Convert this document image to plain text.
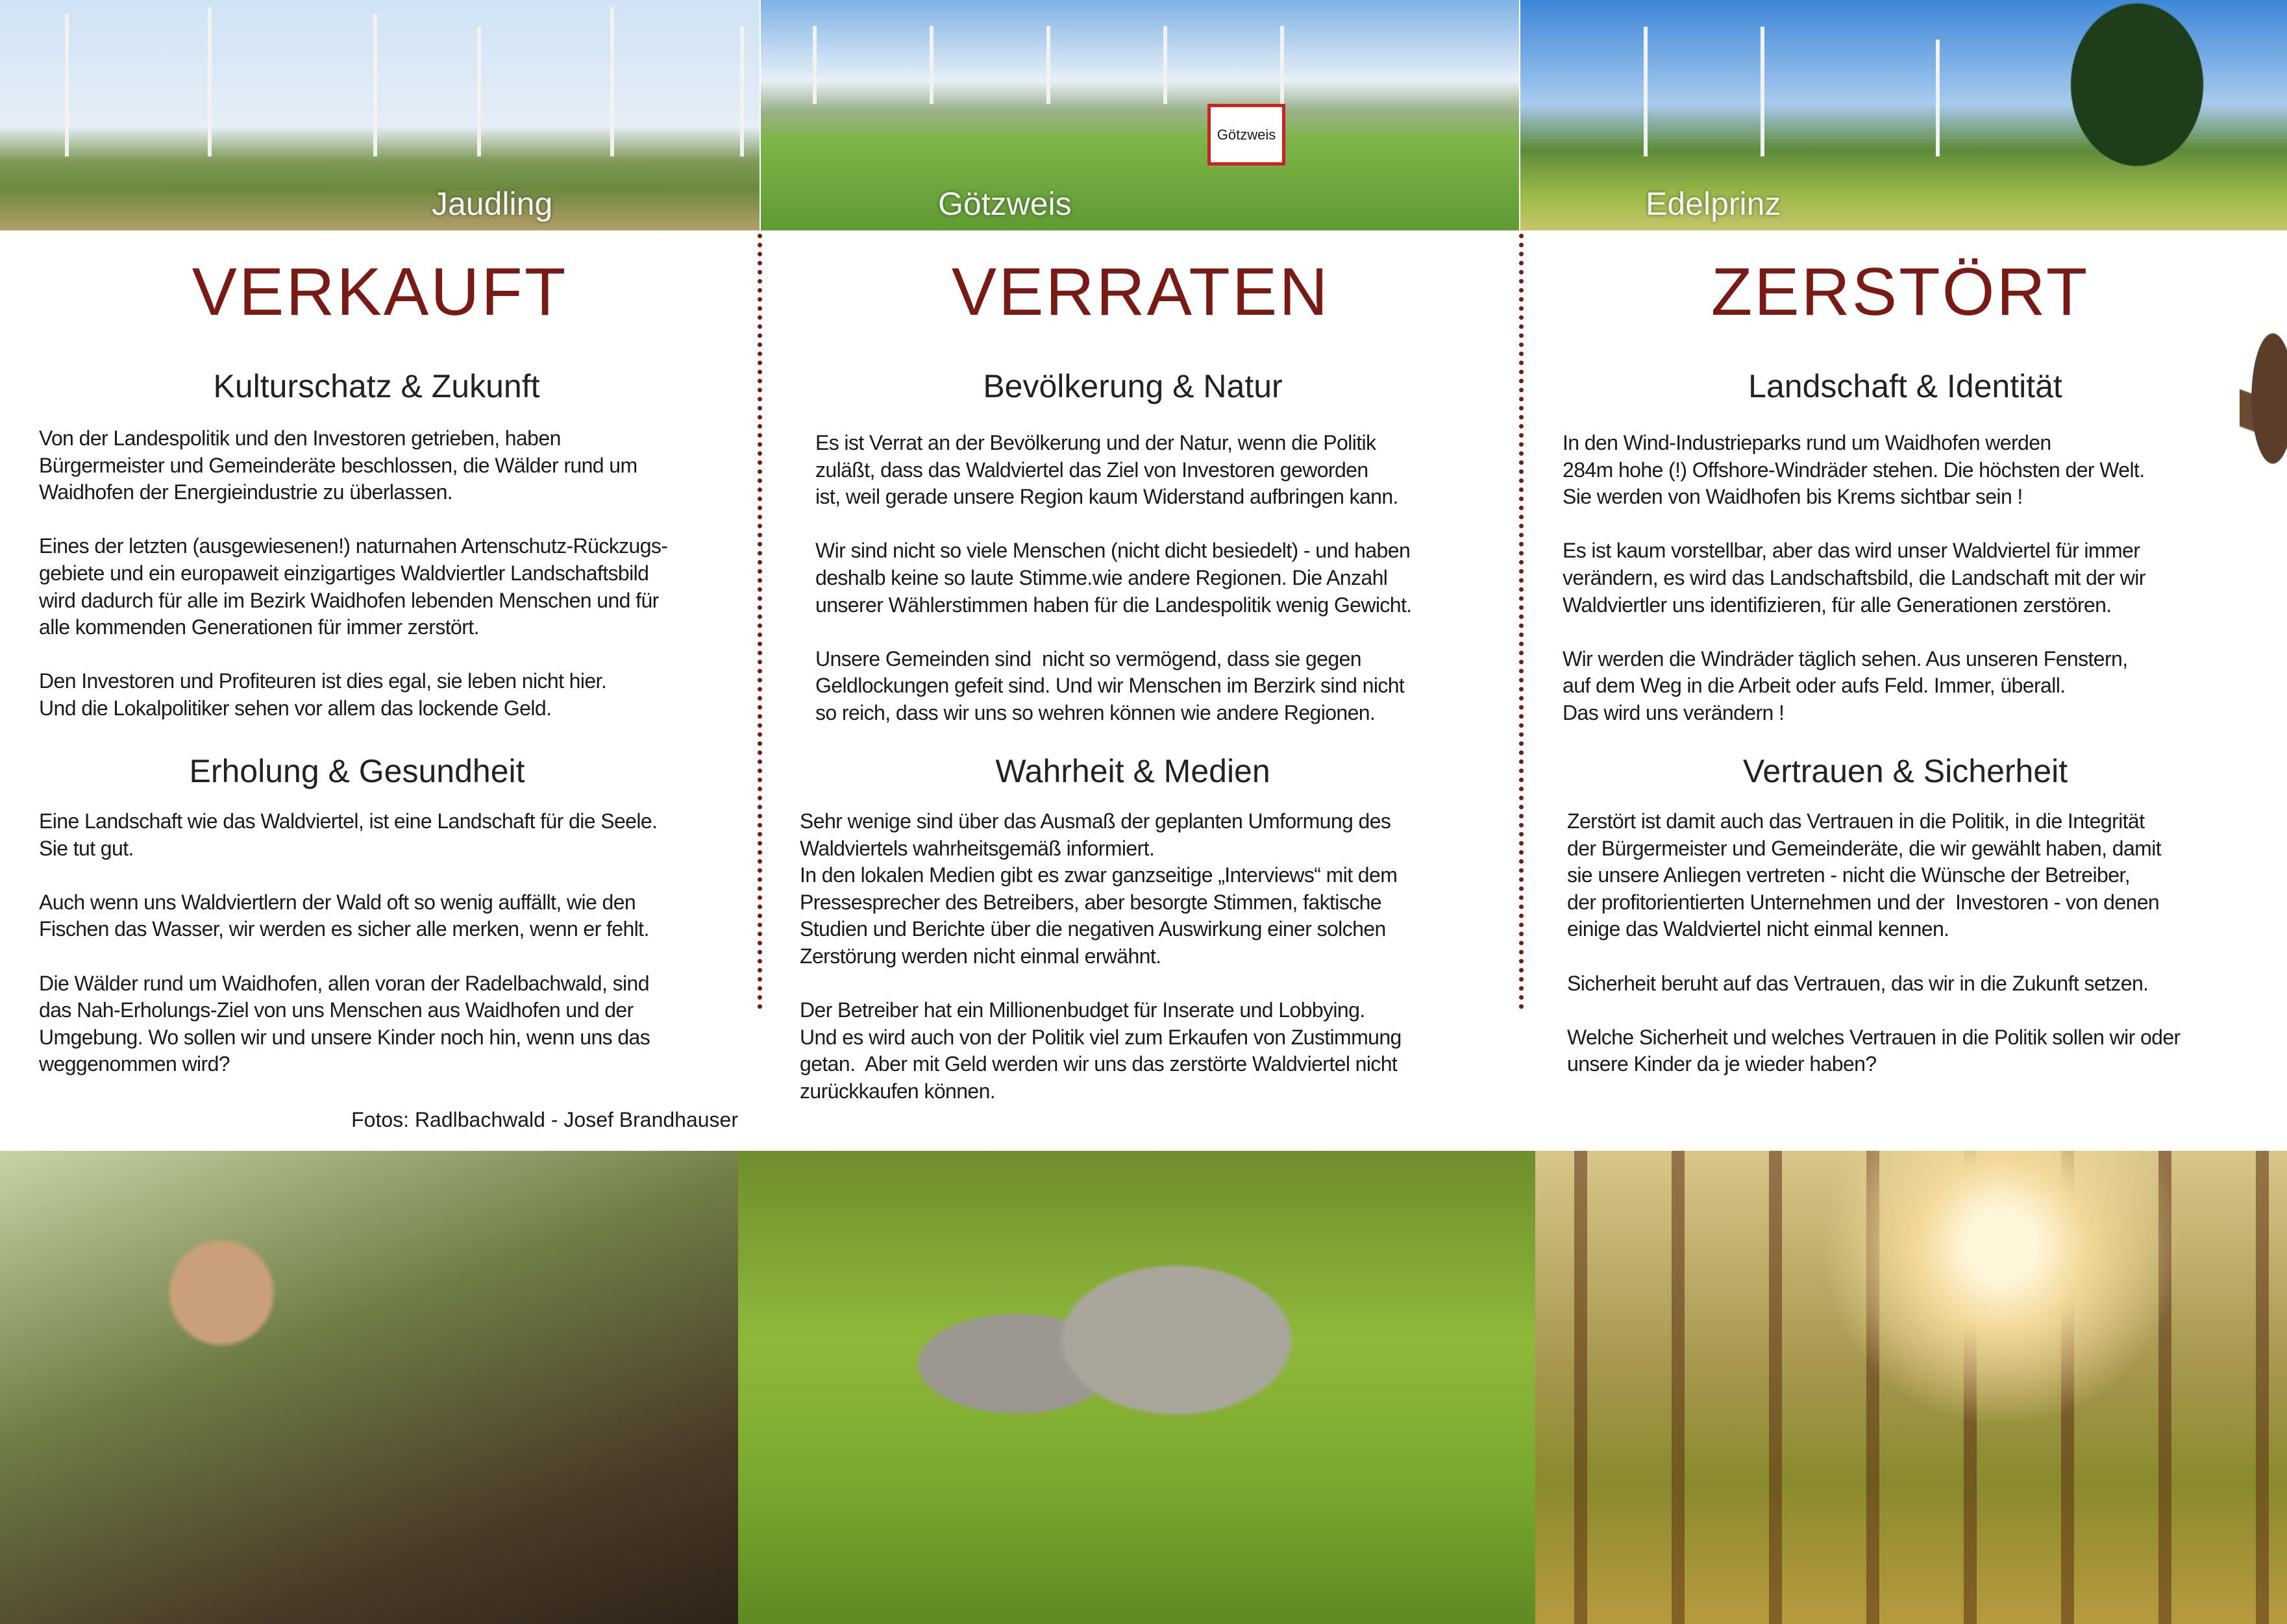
Jaudling
Götzweis
Götzweis	Edelprinz
VERKAUFT
Kulturschatz & Zukunft

Von der Landespolitik und den Investoren getrieben, haben
Bürgermeister und Gemeinderäte beschlossen, die Wälder rund um
Waidhofen der Energieindustrie zu überlassen.

Eines der letzten (ausgewiesenen!) naturnahen Artenschutz-Rückzugs-
gebiete und ein europaweit einzigartiges Waldviertler Landschaftsbild
wird dadurch für alle im Bezirk Waidhofen lebenden Menschen und für
alle kommenden Generationen für immer zerstört.

Den Investoren und Profiteuren ist dies egal, sie leben nicht hier.
Und die Lokalpolitiker sehen vor allem das lockende Geld.

Erholung & Gesundheit

Eine Landschaft wie das Waldviertel, ist eine Landschaft für die Seele.
Sie tut gut.

Auch wenn uns Waldviertlern der Wald oft so wenig auffällt, wie den
Fischen das Wasser, wir werden es sicher alle merken, wenn er fehlt.

Die Wälder rund um Waidhofen, allen voran der Radelbachwald, sind
das Nah-Erholungs-Ziel von uns Menschen aus Waidhofen und der
Umgebung. Wo sollen wir und unsere Kinder noch hin, wenn uns das
weggenommen wird?

Fotos: Radlbachwald - Josef Brandhauser
VERRATEN
Bevölkerung & Natur

Es ist Verrat an der Bevölkerung und der Natur, wenn die Politik
zuläßt, dass das Waldviertel das Ziel von Investoren geworden
ist, weil gerade unsere Region kaum Widerstand aufbringen kann.

Wir sind nicht so viele Menschen (nicht dicht besiedelt) - und haben
deshalb keine so laute Stimme.wie andere Regionen. Die Anzahl
unserer Wählerstimmen haben für die Landespolitik wenig Gewicht.

Unsere Gemeinden sind  nicht so vermögend, dass sie gegen
Geldlockungen gefeit sind. Und wir Menschen im Berzirk sind nicht
so reich, dass wir uns so wehren können wie andere Regionen.

Wahrheit & Medien

Sehr wenige sind über das Ausmaß der geplanten Umformung des
Waldviertels wahrheitsgemäß informiert.
In den lokalen Medien gibt es zwar ganzseitige „Interviews“ mit dem
Pressesprecher des Betreibers, aber besorgte Stimmen, faktische
Studien und Berichte über die negativen Auswirkung einer solchen
Zerstörung werden nicht einmal erwähnt.

Der Betreiber hat ein Millionenbudget für Inserate und Lobbying.
Und es wird auch von der Politik viel zum Erkaufen von Zustimmung
getan.  Aber mit Geld werden wir uns das zerstörte Waldviertel nicht
zurückkaufen können.

ZERSTÖRT
Landschaft & Identität

In den Wind-Industrieparks rund um Waidhofen werden
284m hohe (!) Offshore-Windräder stehen. Die höchsten der Welt.
Sie werden von Waidhofen bis Krems sichtbar sein !

Es ist kaum vorstellbar, aber das wird unser Waldviertel für immer
verändern, es wird das Landschaftsbild, die Landschaft mit der wir
Waldviertler uns identifizieren, für alle Generationen zerstören.

Wir werden die Windräder täglich sehen. Aus unseren Fenstern,
auf dem Weg in die Arbeit oder aufs Feld. Immer, überall.
Das wird uns verändern !

Vertrauen & Sicherheit

Zerstört ist damit auch das Vertrauen in die Politik, in die Integrität
der Bürgermeister und Gemeinderäte, die wir gewählt haben, damit
sie unsere Anliegen vertreten - nicht die Wünsche der Betreiber,
der profitorientierten Unternehmen und der  Investoren - von denen
einige das Waldviertel nicht einmal kennen.

Sicherheit beruht auf das Vertrauen, das wir in die Zukunft setzen.

Welche Sicherheit und welches Vertrauen in die Politik sollen wir oder
unsere Kinder da je wieder haben?
